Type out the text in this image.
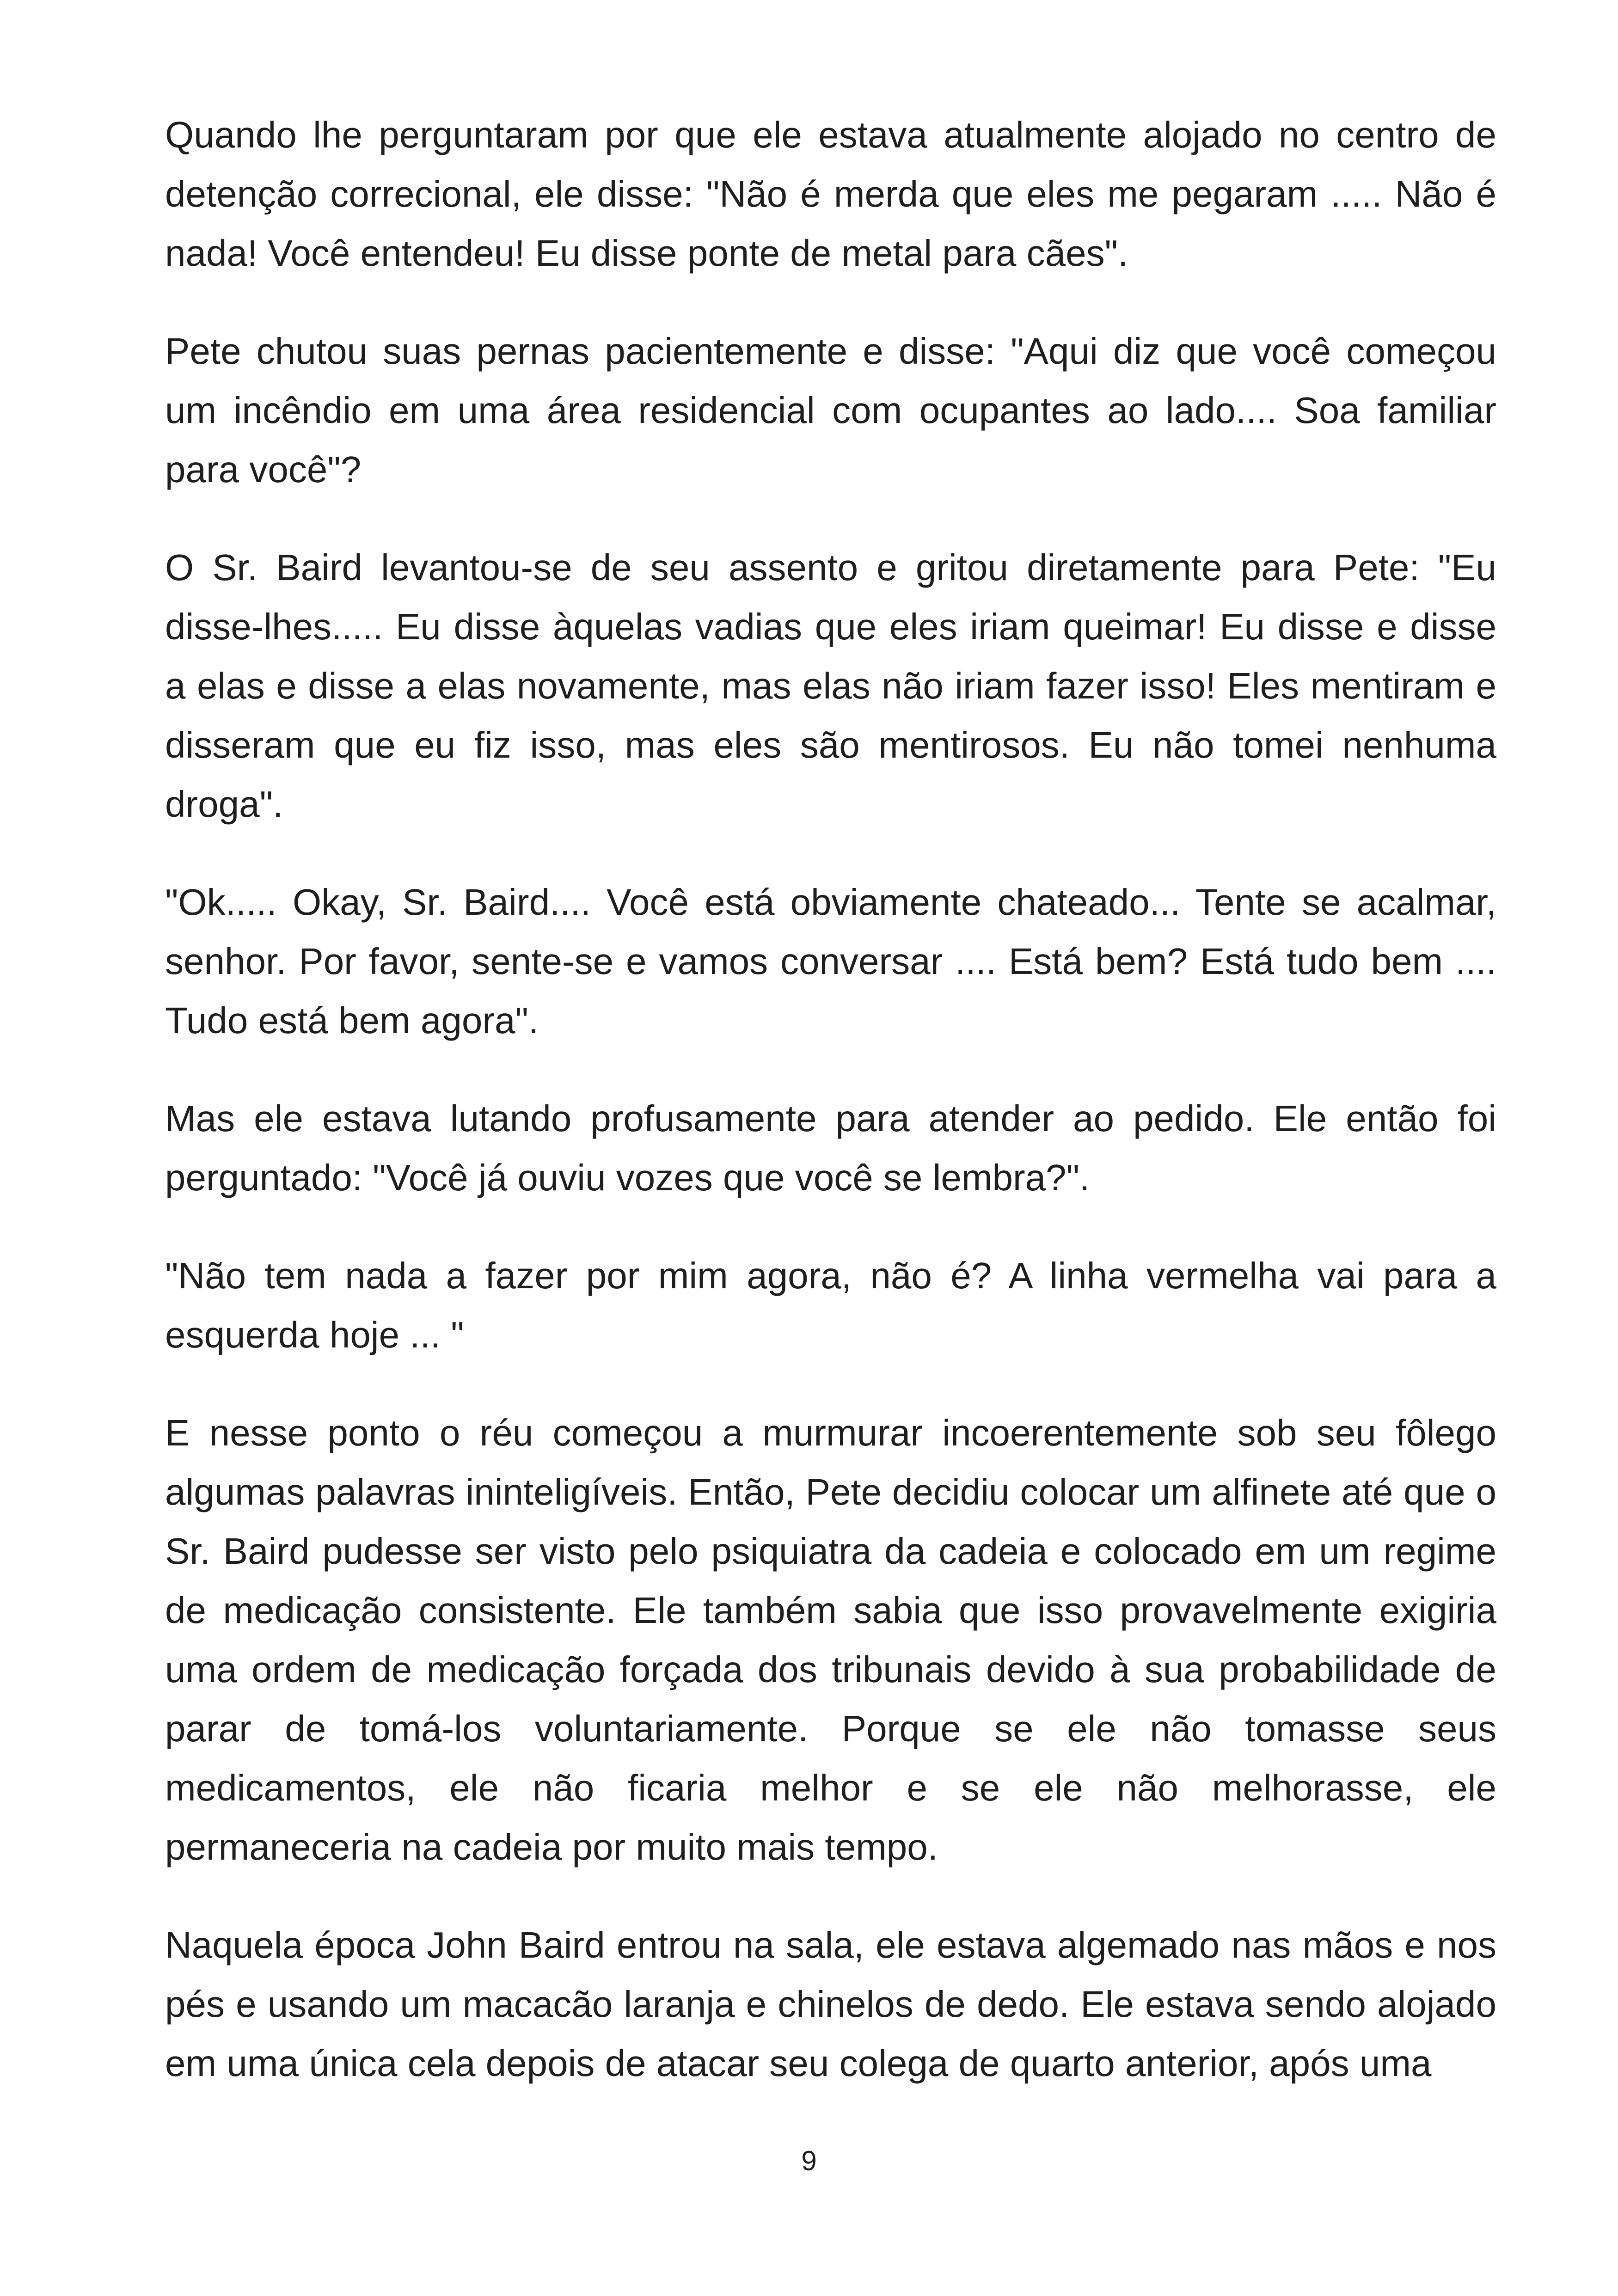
Quando lhe perguntaram por que ele estava atualmente alojado no centro de detenção correcional, ele disse: "Não é merda que eles me pegaram ..... Não é nada! Você entendeu! Eu disse ponte de metal para cães".

Pete chutou suas pernas pacientemente e disse: "Aqui diz que você começou um incêndio em uma área residencial com ocupantes ao lado.... Soa familiar para você"?

O Sr. Baird levantou-se de seu assento e gritou diretamente para Pete: "Eu disse-lhes..... Eu disse àquelas vadias que eles iriam queimar! Eu disse e disse a elas e disse a elas novamente, mas elas não iriam fazer isso! Eles mentiram e disseram que eu fiz isso, mas eles são mentirosos. Eu não tomei nenhuma droga".

"Ok..... Okay, Sr. Baird.... Você está obviamente chateado... Tente se acalmar, senhor. Por favor, sente-se e vamos conversar .... Está bem? Está tudo bem .... Tudo está bem agora".

Mas ele estava lutando profusamente para atender ao pedido. Ele então foi perguntado: "Você já ouviu vozes que você se lembra?".

"Não tem nada a fazer por mim agora, não é? A linha vermelha vai para a esquerda hoje ... "

E nesse ponto o réu começou a murmurar incoerentemente sob seu fôlego algumas palavras ininteligíveis. Então, Pete decidiu colocar um alfinete até que o Sr. Baird pudesse ser visto pelo psiquiatra da cadeia e colocado em um regime de medicação consistente. Ele também sabia que isso provavelmente exigiria uma ordem de medicação forçada dos tribunais devido à sua probabilidade de parar de tomá-los voluntariamente. Porque se ele não tomasse seus medicamentos, ele não ficaria melhor e se ele não melhorasse, ele permaneceria na cadeia por muito mais tempo.

Naquela época John Baird entrou na sala, ele estava algemado nas mãos e nos pés e usando um macacão laranja e chinelos de dedo. Ele estava sendo alojado em uma única cela depois de atacar seu colega de quarto anterior, após uma

9
